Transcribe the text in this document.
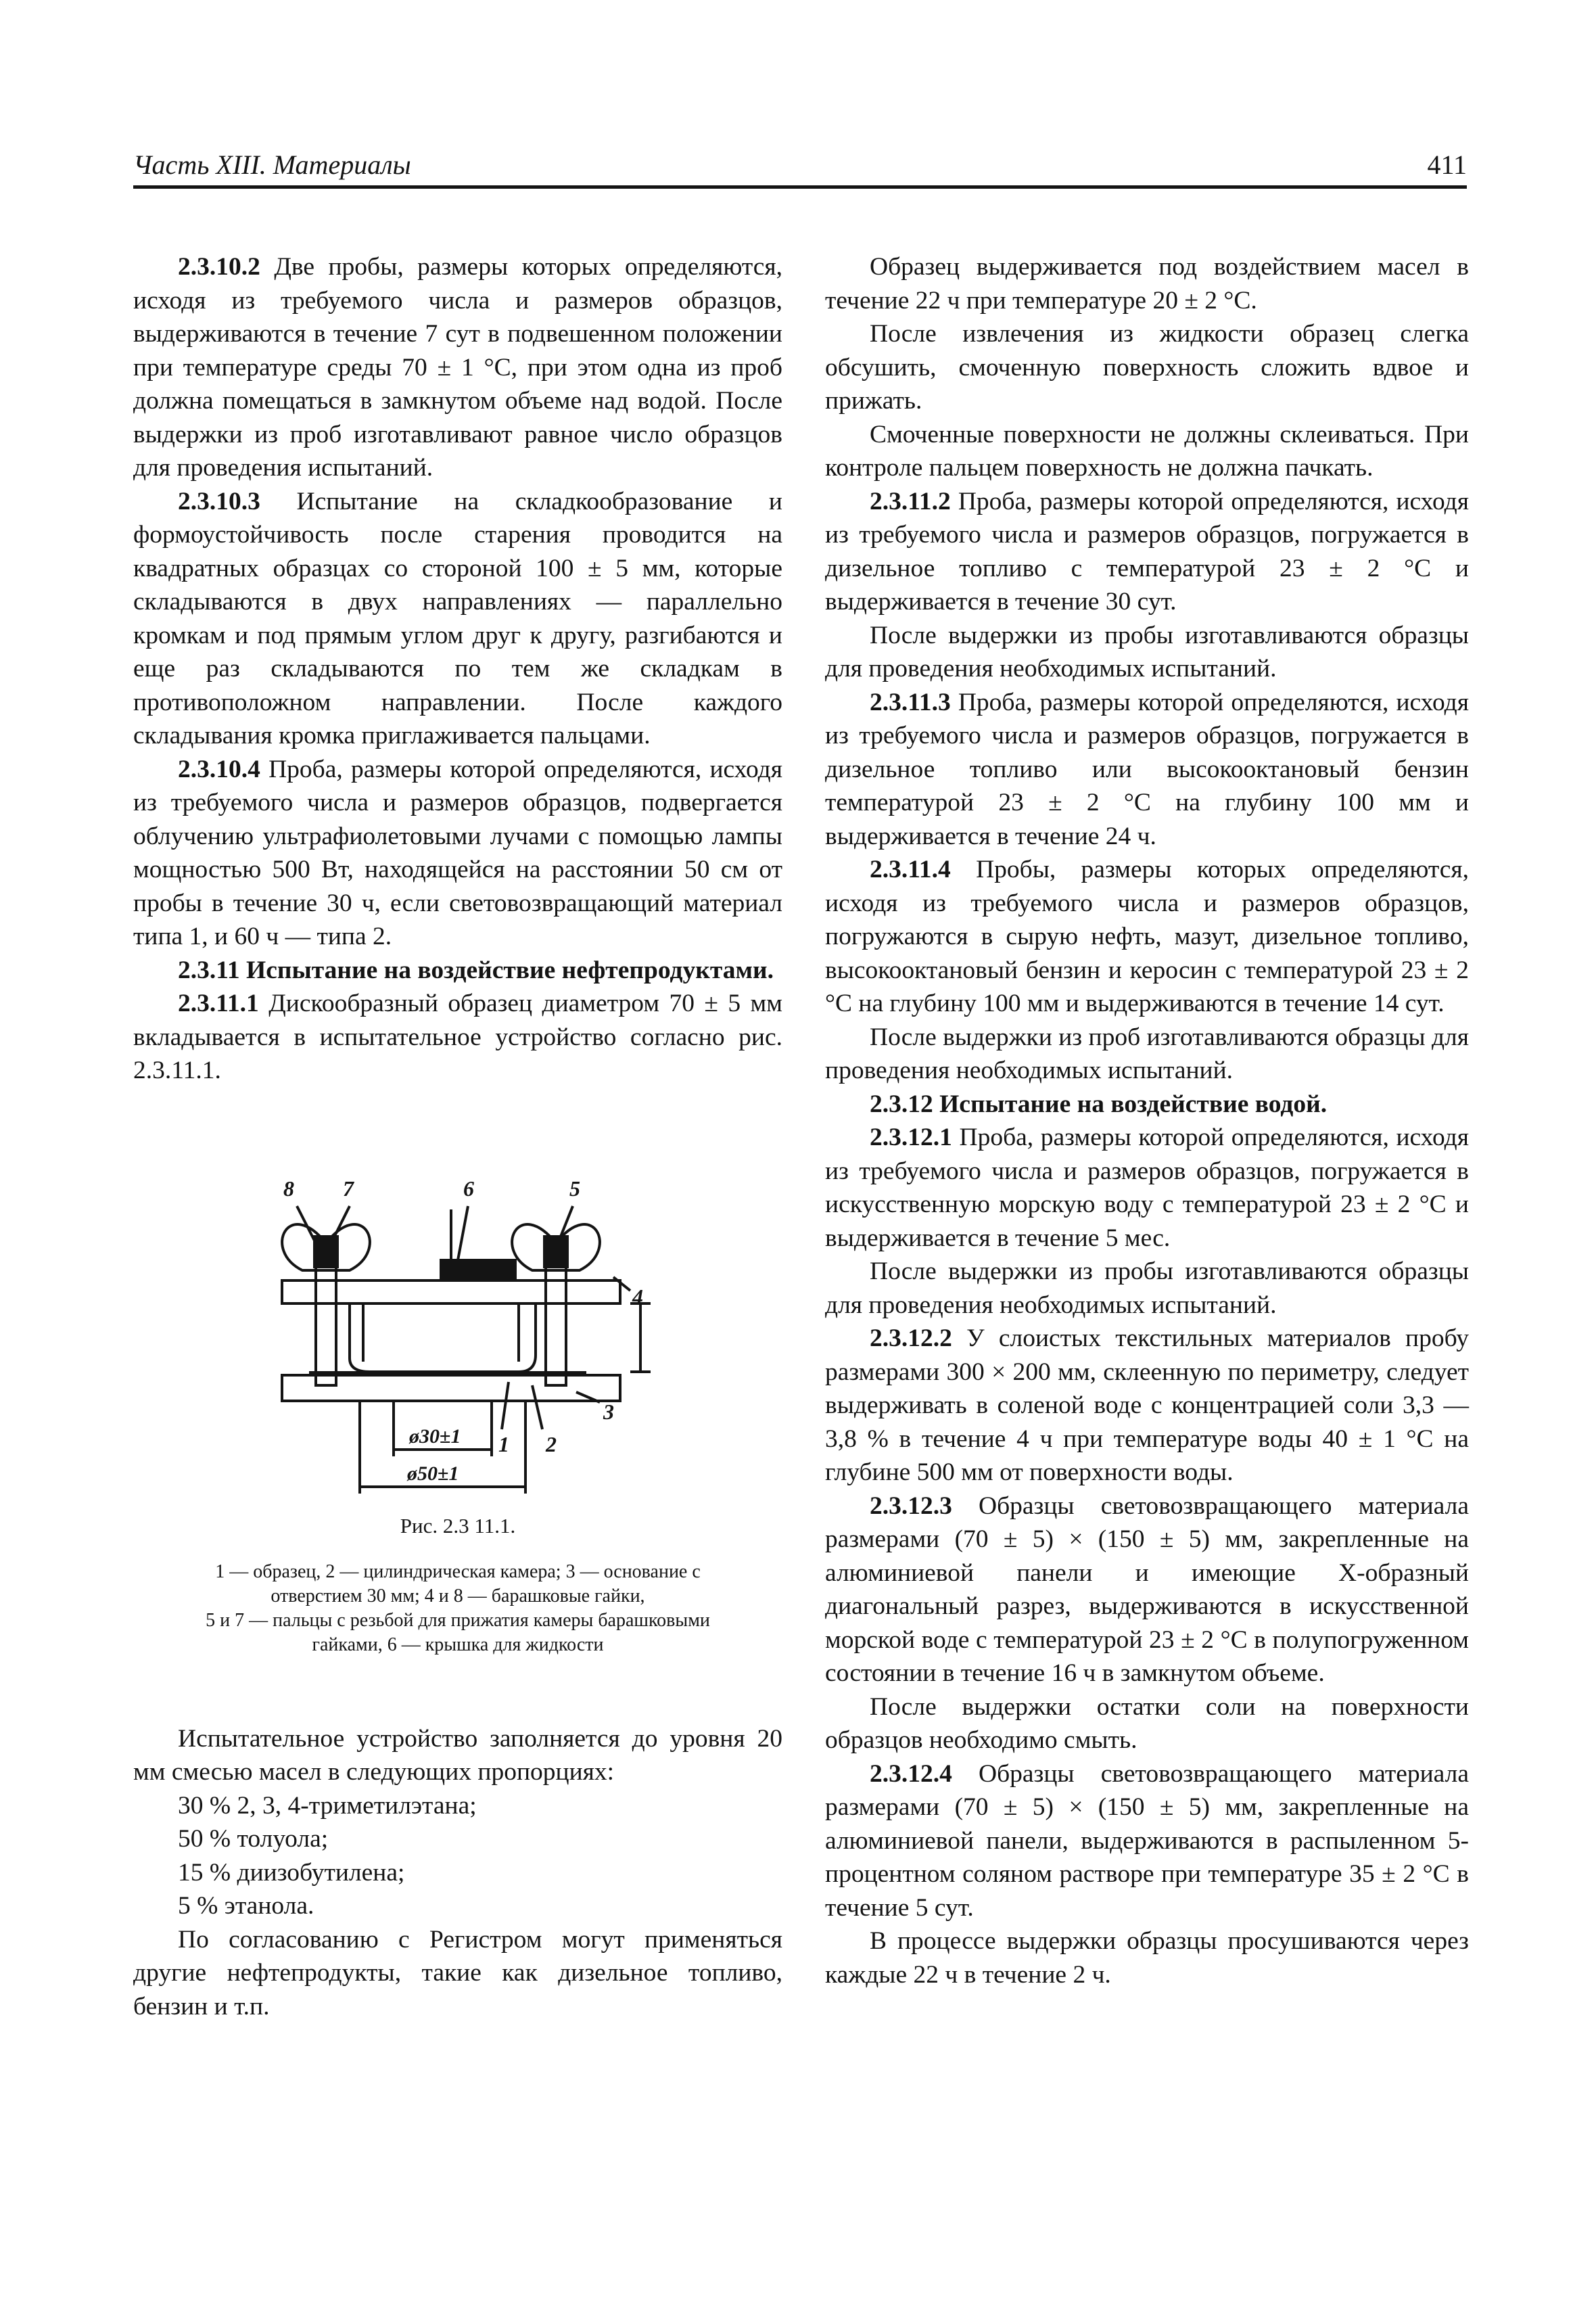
Часть XIII. Материалы	411

2.3.10.2 Две пробы, размеры которых определяются, исходя из требуемого числа и размеров образцов, выдерживаются в течение 7 сут в подвешенном положении при температуре среды 70 ± 1 °С, при этом одна из проб должна помещаться в замкнутом объеме над водой. После выдержки из проб изготавливают равное число образцов для проведения испытаний.

2.3.10.3 Испытание на складкообразование и формоустойчивость после старения проводится на квадратных образцах со стороной 100 ± 5 мм, которые складываются в двух направлениях — параллельно кромкам и под прямым углом друг к другу, разгибаются и еще раз складываются по тем же складкам в противоположном направлении. После каждого складывания кромка приглаживается пальцами.

2.3.10.4 Проба, размеры которой определяются, исходя из требуемого числа и размеров образцов, подвергается облучению ультрафиолетовыми лучами с помощью лампы мощностью 500 Вт, находящейся на расстоянии 50 см от пробы в течение 30 ч, если световозвращающий материал типа 1, и 60 ч — типа 2.

2.3.11 Испытание на воздействие нефтепродуктами.

2.3.11.1 Дискообразный образец диаметром 70 ± 5 мм вкладывается в испытательное устройство согласно рис. 2.3.11.1.

8 7	6	5
4
3
2
1
ø30±1
ø50±1
Рис. 2.3 11.1.
1 — образец, 2 — цилиндрическая камера; 3 — основание с отверстием 30 мм; 4 и 8 — барашковые гайки,
5 и 7 — пальцы с резьбой для прижатия камеры барашковыми гайками, 6 — крышка для жидкости

Испытательное устройство заполняется до уровня 20 мм смесью масел в следующих пропорциях:

30 % 2, 3, 4-триметилэтана;

50 % толуола;

15 % диизобутилена;

5 % этанола.

По согласованию с Регистром могут применяться другие нефтепродукты, такие как дизельное топливо, бензин и т.п.

Образец выдерживается под воздействием масел в течение 22 ч при температуре 20 ± 2 °С.

После извлечения из жидкости образец слегка обсушить, смоченную поверхность сложить вдвое и прижать.

Смоченные поверхности не должны склеиваться. При контроле пальцем поверхность не должна пачкать.

2.3.11.2 Проба, размеры которой определяются, исходя из требуемого числа и размеров образцов, погружается в дизельное топливо с температурой 23 ± 2 °С и выдерживается в течение 30 сут.

После выдержки из пробы изготавливаются образцы для проведения необходимых испытаний.

2.3.11.3 Проба, размеры которой определяются, исходя из требуемого числа и размеров образцов, погружается в дизельное топливо или высокооктановый бензин температурой 23 ± 2 °С на глубину 100 мм и выдерживается в течение 24 ч.

2.3.11.4 Пробы, размеры которых определяются, исходя из требуемого числа и размеров образцов, погружаются в сырую нефть, мазут, дизельное топливо, высокооктановый бензин и керосин с температурой 23 ± 2 °С на глубину 100 мм и выдерживаются в течение 14 сут.

После выдержки из проб изготавливаются образцы для проведения необходимых испытаний.

2.3.12 Испытание на воздействие водой.

2.3.12.1 Проба, размеры которой определяются, исходя из требуемого числа и размеров образцов, погружается в искусственную морскую воду с температурой 23 ± 2 °С и выдерживается в течение 5 мес.

После выдержки из пробы изготавливаются образцы для проведения необходимых испытаний.

2.3.12.2 У слоистых текстильных материалов пробу размерами 300 × 200 мм, склеенную по периметру, следует выдерживать в соленой воде с концентрацией соли 3,3 — 3,8 % в течение 4 ч при температуре воды 40 ± 1 °С на глубине 500 мм от поверхности воды.

2.3.12.3 Образцы световозвращающего материала размерами (70 ± 5) × (150 ± 5) мм, закрепленные на алюминиевой панели и имеющие Х-образный диагональный разрез, выдерживаются в искусственной морской воде с температурой 23 ± 2 °С в полупогруженном состоянии в течение 16 ч в замкнутом объеме.

После выдержки остатки соли на поверхности образцов необходимо смыть.

2.3.12.4 Образцы световозвращающего материала размерами (70 ± 5) × (150 ± 5) мм, закрепленные на алюминиевой панели, выдерживаются в распыленном 5-процентном соляном растворе при температуре 35 ± 2 °С в течение 5 сут.

В процессе выдержки образцы просушиваются через каждые 22 ч в течение 2 ч.
